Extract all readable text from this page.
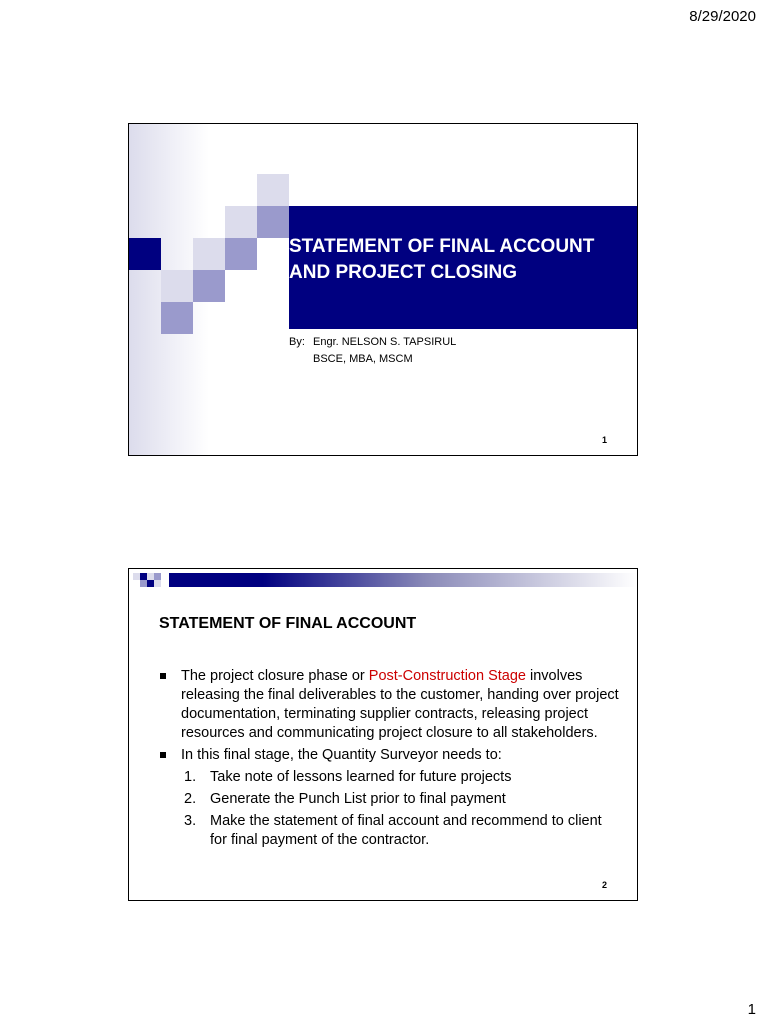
8/29/2020
STATEMENT OF FINAL ACCOUNT
AND PROJECT CLOSING
By: Engr. NELSON S. TAPSIRUL
BSCE, MBA, MSCM
1
STATEMENT OF FINAL ACCOUNT
The project closure phase or Post-Construction Stage involves releasing the final deliverables to the customer, handing over project documentation, terminating supplier contracts, releasing project resources and communicating project closure to all stakeholders.
In this final stage, the Quantity Surveyor needs to:
1. Take note of lessons learned for future projects
2. Generate the Punch List prior to final payment
3. Make the statement of final account and recommend to client for final payment of the contractor.
2
1
